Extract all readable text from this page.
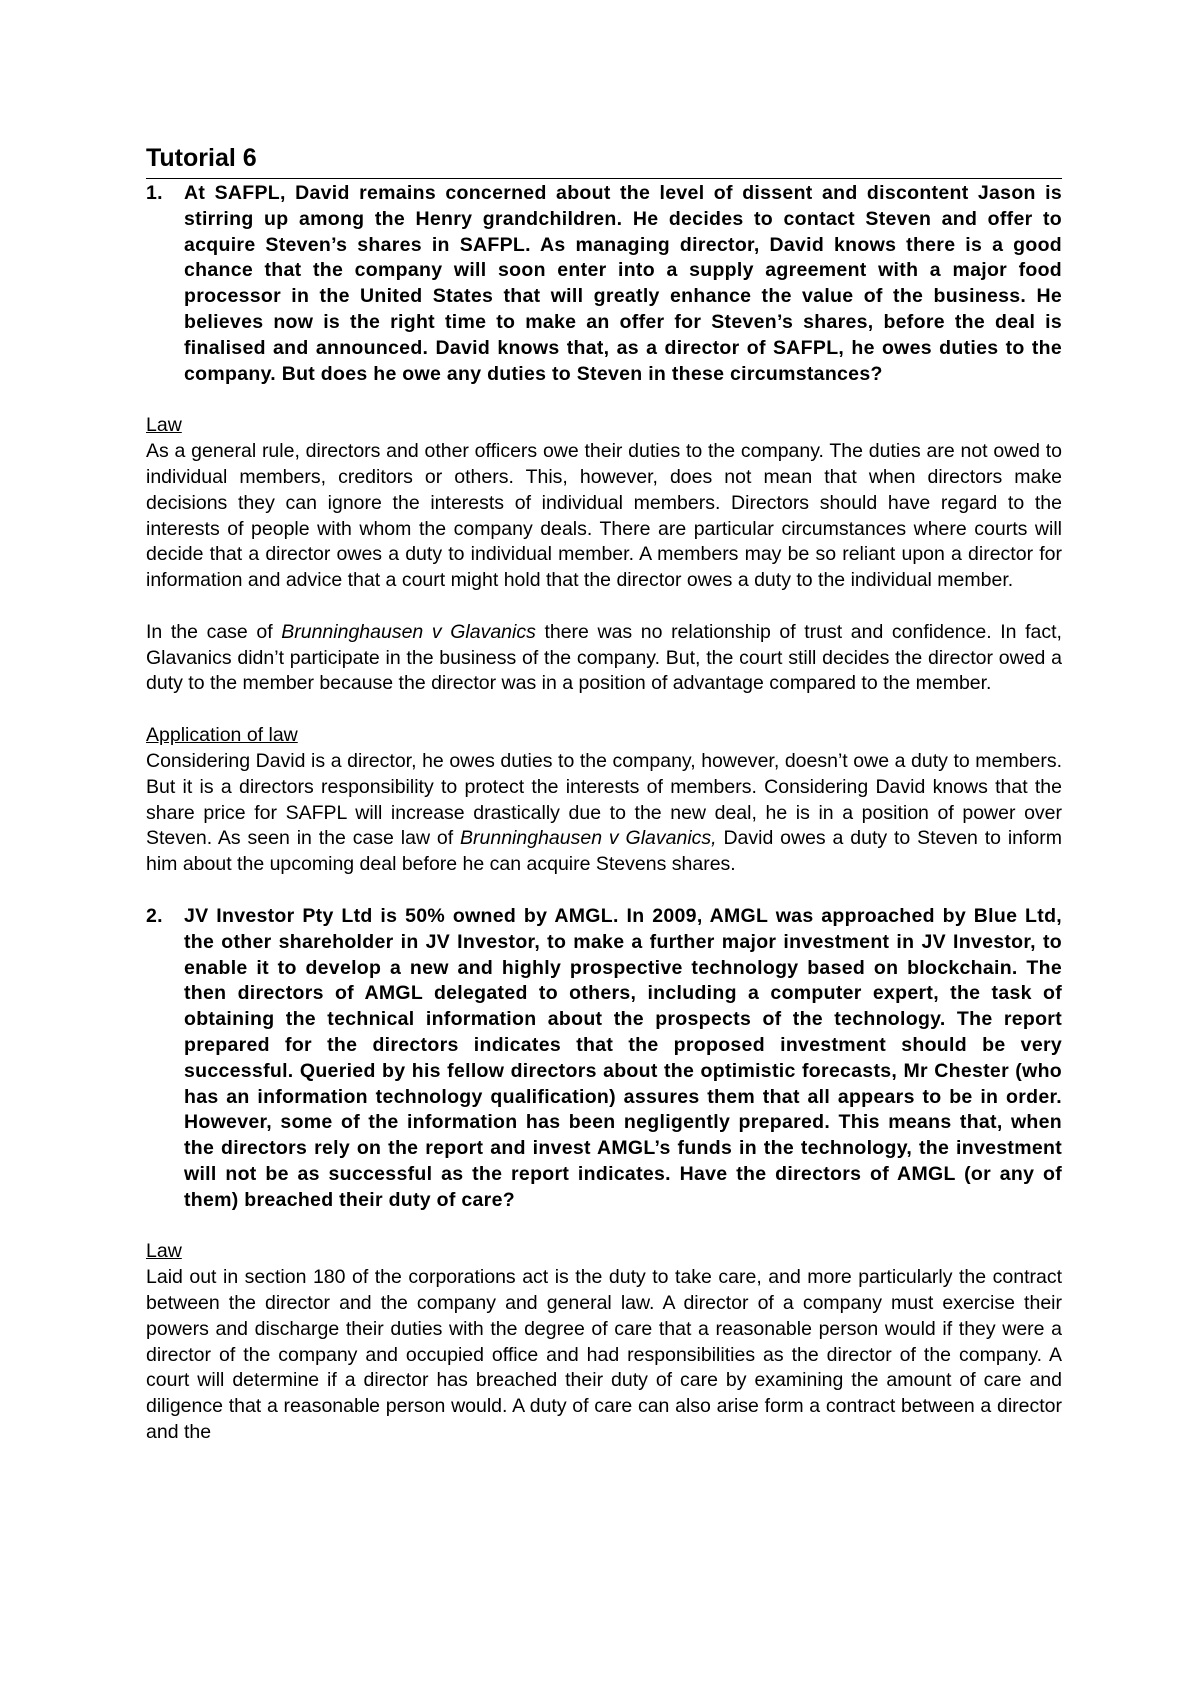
Tutorial 6
1.	At SAFPL, David remains concerned about the level of dissent and discontent Jason is stirring up among the Henry grandchildren. He decides to contact Steven and offer to acquire Steven’s shares in SAFPL. As managing director, David knows there is a good chance that the company will soon enter into a supply agreement with a major food processor in the United States that will greatly enhance the value of the business. He believes now is the right time to make an offer for Steven’s shares, before the deal is finalised and announced. David knows that, as a director of SAFPL, he owes duties to the company. But does he owe any duties to Steven in these circumstances?
Law

As a general rule, directors and other officers owe their duties to the company. The duties are not owed to individual members, creditors or others. This, however, does not mean that when directors make decisions they can ignore the interests of individual members. Directors should have regard to the interests of people with whom the company deals. There are particular circumstances where courts will decide that a director owes a duty to individual member. A members may be so reliant upon a director for information and advice that a court might hold that the director owes a duty to the individual member.

In the case of Brunninghausen v Glavanics there was no relationship of trust and confidence. In fact, Glavanics didn’t participate in the business of the company. But, the court still decides the director owed a duty to the member because the director was in a position of advantage compared to the member.

Application of law

Considering David is a director, he owes duties to the company, however, doesn’t owe a duty to members. But it is a directors responsibility to protect the interests of members. Considering David knows that the share price for SAFPL will increase drastically due to the new deal, he is in a position of power over Steven. As seen in the case law of Brunninghausen v Glavanics, David owes a duty to Steven to inform him about the upcoming deal before he can acquire Stevens shares.

2.	JV Investor Pty Ltd is 50% owned by AMGL. In 2009, AMGL was approached by Blue Ltd, the other shareholder in JV Investor, to make a further major investment in JV Investor, to enable it to develop a new and highly prospective technology based on blockchain. The then directors of AMGL delegated to others, including a computer expert, the task of obtaining the technical information about the prospects of the technology. The report prepared for the directors indicates that the proposed investment should be very successful. Queried by his fellow directors about the optimistic forecasts, Mr Chester (who has an information technology qualification) assures them that all appears to be in order. However, some of the information has been negligently prepared. This means that, when the directors rely on the report and invest AMGL’s funds in the technology, the investment will not be as successful as the report indicates. Have the directors of AMGL (or any of them) breached their duty of care?
Law

Laid out in section 180 of the corporations act is the duty to take care, and more particularly the contract between the director and the company and general law. A director of a company must exercise their powers and discharge their duties with the degree of care that a reasonable person would if they were a director of the company and occupied office and had responsibilities as the director of the company. A court will determine if a director has breached their duty of care by examining the amount of care and diligence that a reasonable person would. A duty of care can also arise form a contract between a director and the
